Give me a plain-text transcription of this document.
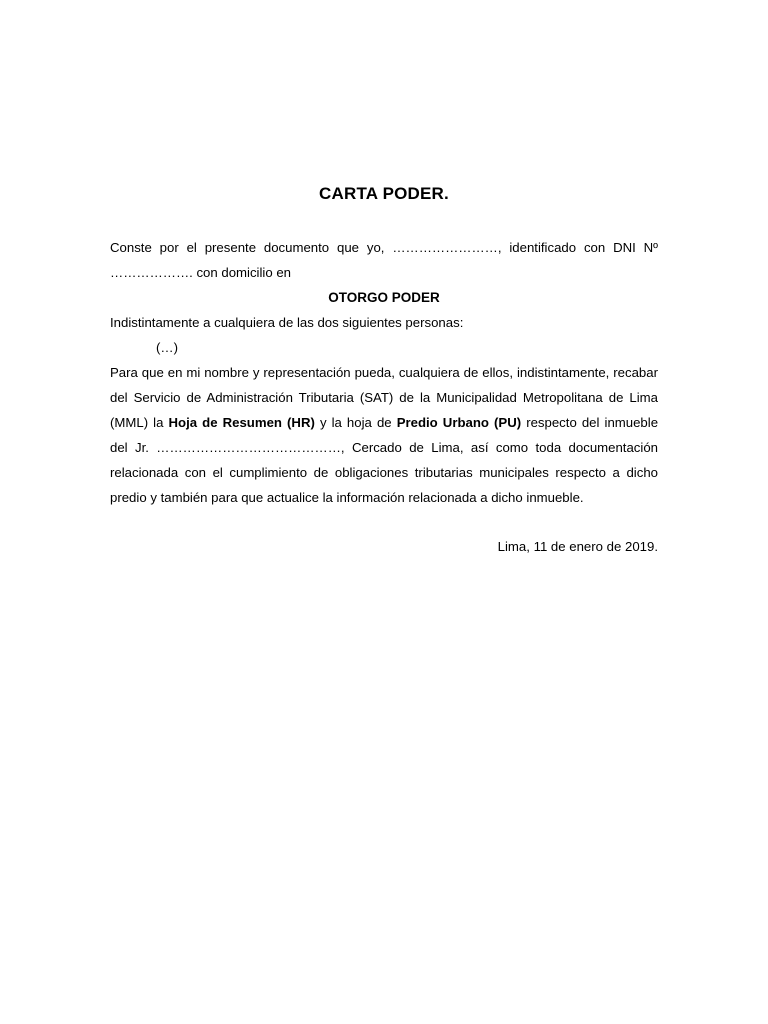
CARTA PODER.

Conste por el presente documento que yo, ……………………, identificado con DNI Nº ………………. con domicilio en

OTORGO PODER

Indistintamente a cualquiera de las dos siguientes personas:

(…)

Para que en mi nombre y representación pueda, cualquiera de ellos, indistintamente, recabar del Servicio de Administración Tributaria (SAT) de la Municipalidad Metropolitana de Lima (MML) la Hoja de Resumen (HR) y la hoja de Predio Urbano (PU) respecto del inmueble del Jr. ……………………………………, Cercado de Lima, así como toda documentación relacionada con el cumplimiento de obligaciones tributarias municipales respecto a dicho predio y también para que actualice la información relacionada a dicho inmueble.

Lima, 11 de enero de 2019.
